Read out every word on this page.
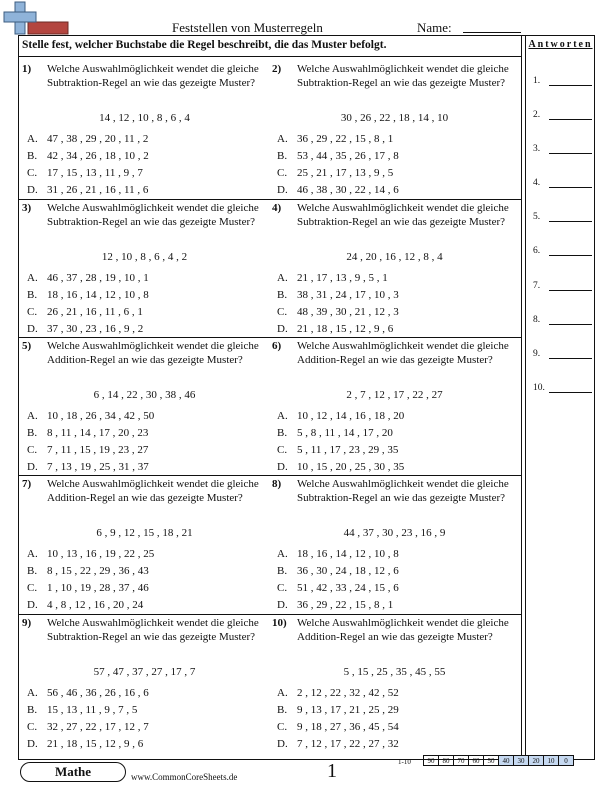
Feststellen von Musterregeln	Name:
Stelle fest, welcher Buchstabe die Regel beschreibt, die das Muster befolgt.	Antworten
1.
2.
3.
4.
5.
6.
7.
8.
9.
10.
1) Welche Auswahlmöglichkeit wendet die gleiche Subtraktion-Regel an wie das gezeigte Muster?
14 , 12 , 10 , 8 , 6 , 4
A. 47 , 38 , 29 , 20 , 11 , 2
B. 42 , 34 , 26 , 18 , 10 , 2
C. 17 , 15 , 13 , 11 , 9 , 7
D. 31 , 26 , 21 , 16 , 11 , 6
2) Welche Auswahlmöglichkeit wendet die gleiche Subtraktion-Regel an wie das gezeigte Muster?
30 , 26 , 22 , 18 , 14 , 10
A. 36 , 29 , 22 , 15 , 8 , 1
B. 53 , 44 , 35 , 26 , 17 , 8
C. 25 , 21 , 17 , 13 , 9 , 5
D. 46 , 38 , 30 , 22 , 14 , 6
3) Welche Auswahlmöglichkeit wendet die gleiche Subtraktion-Regel an wie das gezeigte Muster?
12 , 10 , 8 , 6 , 4 , 2
A. 46 , 37 , 28 , 19 , 10 , 1
B. 18 , 16 , 14 , 12 , 10 , 8
C. 26 , 21 , 16 , 11 , 6 , 1
D. 37 , 30 , 23 , 16 , 9 , 2
4) Welche Auswahlmöglichkeit wendet die gleiche Subtraktion-Regel an wie das gezeigte Muster?
24 , 20 , 16 , 12 , 8 , 4
A. 21 , 17 , 13 , 9 , 5 , 1
B. 38 , 31 , 24 , 17 , 10 , 3
C. 48 , 39 , 30 , 21 , 12 , 3
D. 21 , 18 , 15 , 12 , 9 , 6
5) Welche Auswahlmöglichkeit wendet die gleiche Addition-Regel an wie das gezeigte Muster?
6 , 14 , 22 , 30 , 38 , 46
A. 10 , 18 , 26 , 34 , 42 , 50
B. 8 , 11 , 14 , 17 , 20 , 23
C. 7 , 11 , 15 , 19 , 23 , 27
D. 7 , 13 , 19 , 25 , 31 , 37
6) Welche Auswahlmöglichkeit wendet die gleiche Addition-Regel an wie das gezeigte Muster?
2 , 7 , 12 , 17 , 22 , 27
A. 10 , 12 , 14 , 16 , 18 , 20
B. 5 , 8 , 11 , 14 , 17 , 20
C. 5 , 11 , 17 , 23 , 29 , 35
D. 10 , 15 , 20 , 25 , 30 , 35
7) Welche Auswahlmöglichkeit wendet die gleiche Addition-Regel an wie das gezeigte Muster?
6 , 9 , 12 , 15 , 18 , 21
A. 10 , 13 , 16 , 19 , 22 , 25
B. 8 , 15 , 22 , 29 , 36 , 43
C. 1 , 10 , 19 , 28 , 37 , 46
D. 4 , 8 , 12 , 16 , 20 , 24
8) Welche Auswahlmöglichkeit wendet die gleiche Subtraktion-Regel an wie das gezeigte Muster?
44 , 37 , 30 , 23 , 16 , 9
A. 18 , 16 , 14 , 12 , 10 , 8
B. 36 , 30 , 24 , 18 , 12 , 6
C. 51 , 42 , 33 , 24 , 15 , 6
D. 36 , 29 , 22 , 15 , 8 , 1
9) Welche Auswahlmöglichkeit wendet die gleiche Subtraktion-Regel an wie das gezeigte Muster?
57 , 47 , 37 , 27 , 17 , 7
A. 56 , 46 , 36 , 26 , 16 , 6
B. 15 , 13 , 11 , 9 , 7 , 5
C. 32 , 27 , 22 , 17 , 12 , 7
D. 21 , 18 , 15 , 12 , 9 , 6
10) Welche Auswahlmöglichkeit wendet die gleiche Addition-Regel an wie das gezeigte Muster?
5 , 15 , 25 , 35 , 45 , 55
A. 2 , 12 , 22 , 32 , 42 , 52
B. 9 , 13 , 17 , 21 , 25 , 29
C. 9 , 18 , 27 , 36 , 45 , 54
D. 7 , 12 , 17 , 22 , 27 , 32
Mathe	www.CommonCoreSheets.de	1	1-10	90	80	70	60	50	40	30	20	10	0
